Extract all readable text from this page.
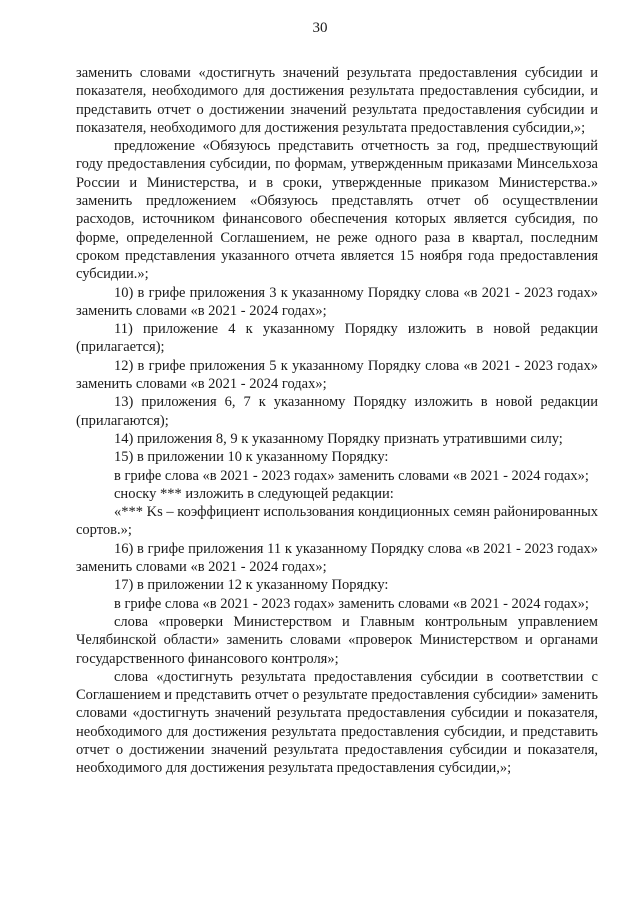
30

заменить словами «достигнуть значений результата предоставления субсидии и показателя, необходимого для достижения результата предоставления субсидии, и представить отчет о достижении значений результата предоставления субсидии и показателя, необходимого для достижения результата предоставления субсидии,»;

предложение «Обязуюсь представить отчетность за год, предшествующий году предоставления субсидии, по формам, утвержденным приказами Минсельхоза России и Министерства, и в сроки, утвержденные приказом Министерства.» заменить предложением «Обязуюсь представлять отчет об осуществлении расходов, источником финансового обеспечения которых является субсидия, по форме, определенной Соглашением, не реже одного раза в квартал, последним сроком представления указанного отчета является 15 ноября года предоставления субсидии.»;

10) в грифе приложения 3 к указанному Порядку слова «в 2021 - 2023 годах» заменить словами «в 2021 - 2024 годах»;

11) приложение 4 к указанному Порядку изложить в новой редакции (прилагается);

12) в грифе приложения 5 к указанному Порядку слова «в 2021 - 2023 годах» заменить словами «в 2021 - 2024 годах»;

13) приложения 6, 7 к указанному Порядку изложить в новой редакции (прилагаются);

14) приложения 8, 9 к указанному Порядку признать утратившими силу;

15) в приложении 10 к указанному Порядку:

в грифе слова «в 2021 - 2023 годах» заменить словами «в 2021 - 2024 годах»;

сноску *** изложить в следующей редакции:

«*** Ks – коэффициент использования кондиционных семян районированных сортов.»;

16) в грифе приложения 11 к указанному Порядку слова «в 2021 - 2023 годах» заменить словами «в 2021 - 2024 годах»;

17) в приложении 12 к указанному Порядку:

в грифе слова «в 2021 - 2023 годах» заменить словами «в 2021 - 2024 годах»;

слова «проверки Министерством и Главным контрольным управлением Челябинской области» заменить словами «проверок Министерством и органами государственного финансового контроля»;

слова «достигнуть результата предоставления субсидии в соответствии с Соглашением и представить отчет о результате предоставления субсидии» заменить словами «достигнуть значений результата предоставления субсидии и показателя, необходимого для достижения результата предоставления субсидии, и представить отчет о достижении значений результата предоставления субсидии и показателя, необходимого для достижения результата предоставления субсидии,»;
